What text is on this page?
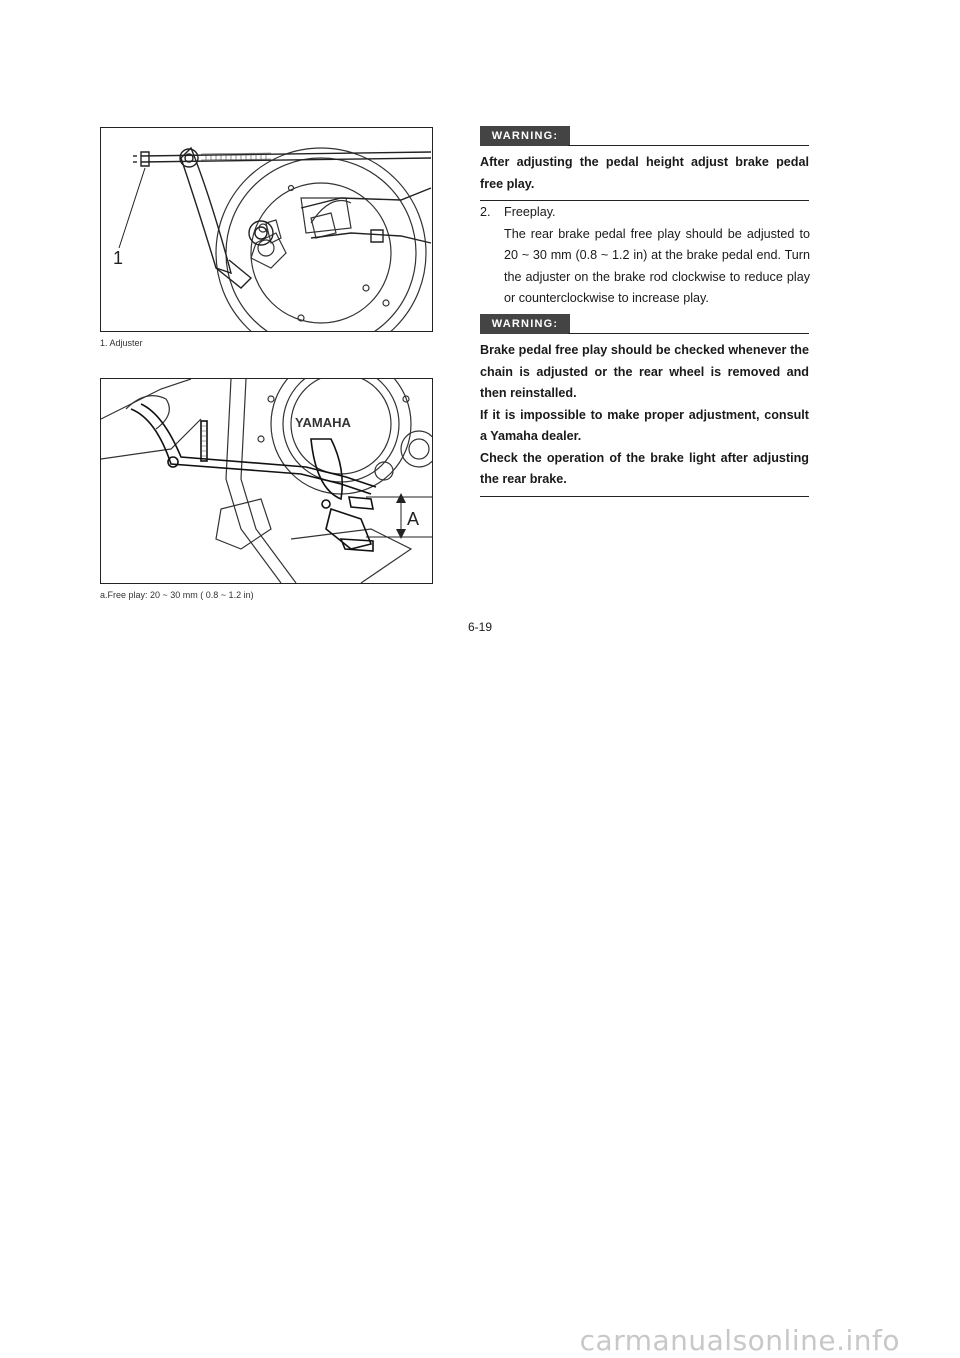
1
1. Adjuster
YAMAHA
A
a.Free play: 20 ~ 30 mm ( 0.8 ~ 1.2 in)
WARNING:

After adjusting the pedal height adjust brake pedal free play.

2.	Freeplay.
The rear brake pedal free play should be adjusted to 20 ~ 30 mm (0.8 ~ 1.2 in) at the brake pedal end. Turn the adjuster on the brake rod clockwise to reduce play or counterclockwise to increase play.
WARNING:

Brake pedal free play should be checked whenever the chain is adjusted or the rear wheel is removed and then reinstalled.

If it is impossible to make proper adjustment, consult a Yamaha dealer.

Check the operation of the brake light after adjusting the rear brake.

6-19
carmanualsonline.info
